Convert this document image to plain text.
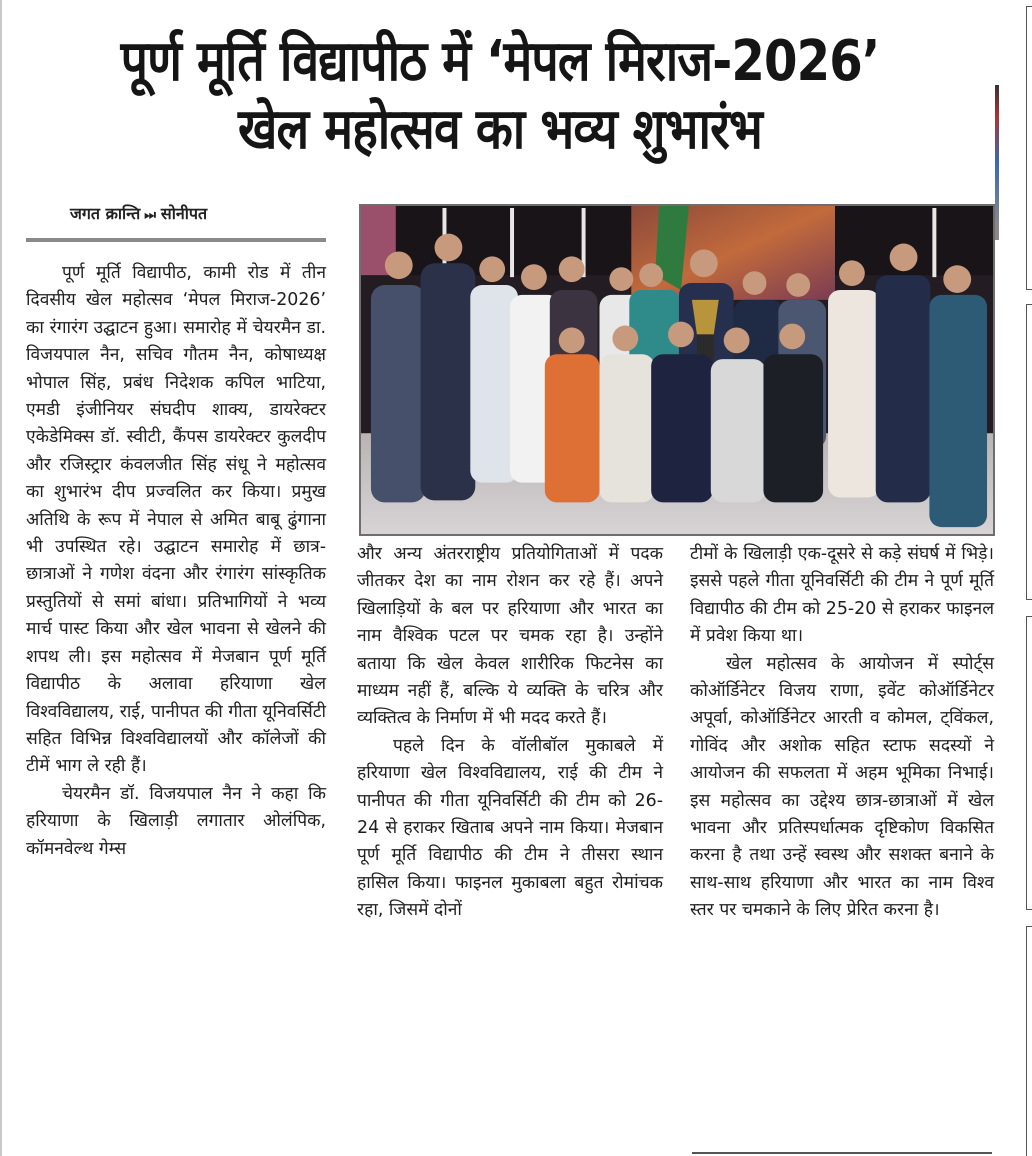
पूर्ण मूर्ति विद्यापीठ में ‘मेपल मिराज-2026’
खेल महोत्सव का भव्य शुभारंभ
जगत क्रान्ति ⏭ सोनीपत

पूर्ण मूर्ति विद्यापीठ, कामी रोड में तीन दिवसीय खेल महोत्सव ‘मेपल मिराज-2026’ का रंगारंग उद्घाटन हुआ। समारोह में चेयरमैन डा. विजयपाल नैन, सचिव गौतम नैन, कोषाध्यक्ष भोपाल सिंह, प्रबंध निदेशक कपिल भाटिया, एमडी इंजीनियर संघदीप शाक्य, डायरेक्टर एकेडेमिक्स डॉ. स्वीटी, कैंपस डायरेक्टर कुलदीप और रजिस्ट्रार कंवलजीत सिंह संधू ने महोत्सव का शुभारंभ दीप प्रज्वलित कर किया। प्रमुख अतिथि के रूप में नेपाल से अमित बाबू ढुंगाना भी उपस्थित रहे। उद्घाटन समारोह में छात्र-छात्राओं ने गणेश वंदना और रंगारंग सांस्कृतिक प्रस्तुतियों से समां बांधा। प्रतिभागियों ने भव्य मार्च पास्ट किया और खेल भावना से खेलने की शपथ ली। इस महोत्सव में मेजबान पूर्ण मूर्ति विद्यापीठ के अलावा हरियाणा खेल विश्वविद्यालय, राई, पानीपत की गीता यूनिवर्सिटी सहित विभिन्न विश्वविद्यालयों और कॉलेजों की टीमें भाग ले रही हैं।

चेयरमैन डॉ. विजयपाल नैन ने कहा कि हरियाणा के खिलाड़ी लगातार ओलंपिक, कॉमनवेल्थ गेम्स

और अन्य अंतरराष्ट्रीय प्रतियोगिताओं में पदक जीतकर देश का नाम रोशन कर रहे हैं। अपने खिलाड़ियों के बल पर हरियाणा और भारत का नाम वैश्विक पटल पर चमक रहा है। उन्होंने बताया कि खेल केवल शारीरिक फिटनेस का माध्यम नहीं हैं, बल्कि ये व्यक्ति के चरित्र और व्यक्तित्व के निर्माण में भी मदद करते हैं।

पहले दिन के वॉलीबॉल मुकाबले में हरियाणा खेल विश्वविद्यालय, राई की टीम ने पानीपत की गीता यूनिवर्सिटी की टीम को 26-24 से हराकर खिताब अपने नाम किया। मेजबान पूर्ण मूर्ति विद्यापीठ की टीम ने तीसरा स्थान हासिल किया। फाइनल मुकाबला बहुत रोमांचक रहा, जिसमें दोनों

टीमों के खिलाड़ी एक-दूसरे से कड़े संघर्ष में भिड़े। इससे पहले गीता यूनिवर्सिटी की टीम ने पूर्ण मूर्ति विद्यापीठ की टीम को 25-20 से हराकर फाइनल में प्रवेश किया था।

खेल महोत्सव के आयोजन में स्पोर्ट्स कोऑर्डिनेटर विजय राणा, इवेंट कोऑर्डिनेटर अपूर्वा, कोऑर्डिनेटर आरती व कोमल, ट्विंकल, गोविंद और अशोक सहित स्टाफ सदस्यों ने आयोजन की सफलता में अहम भूमिका निभाई। इस महोत्सव का उद्देश्य छात्र-छात्राओं में खेल भावना और प्रतिस्पर्धात्मक दृष्टिकोण विकसित करना है तथा उन्हें स्वस्थ और सशक्त बनाने के साथ-साथ हरियाणा और भारत का नाम विश्व स्तर पर चमकाने के लिए प्रेरित करना है।
